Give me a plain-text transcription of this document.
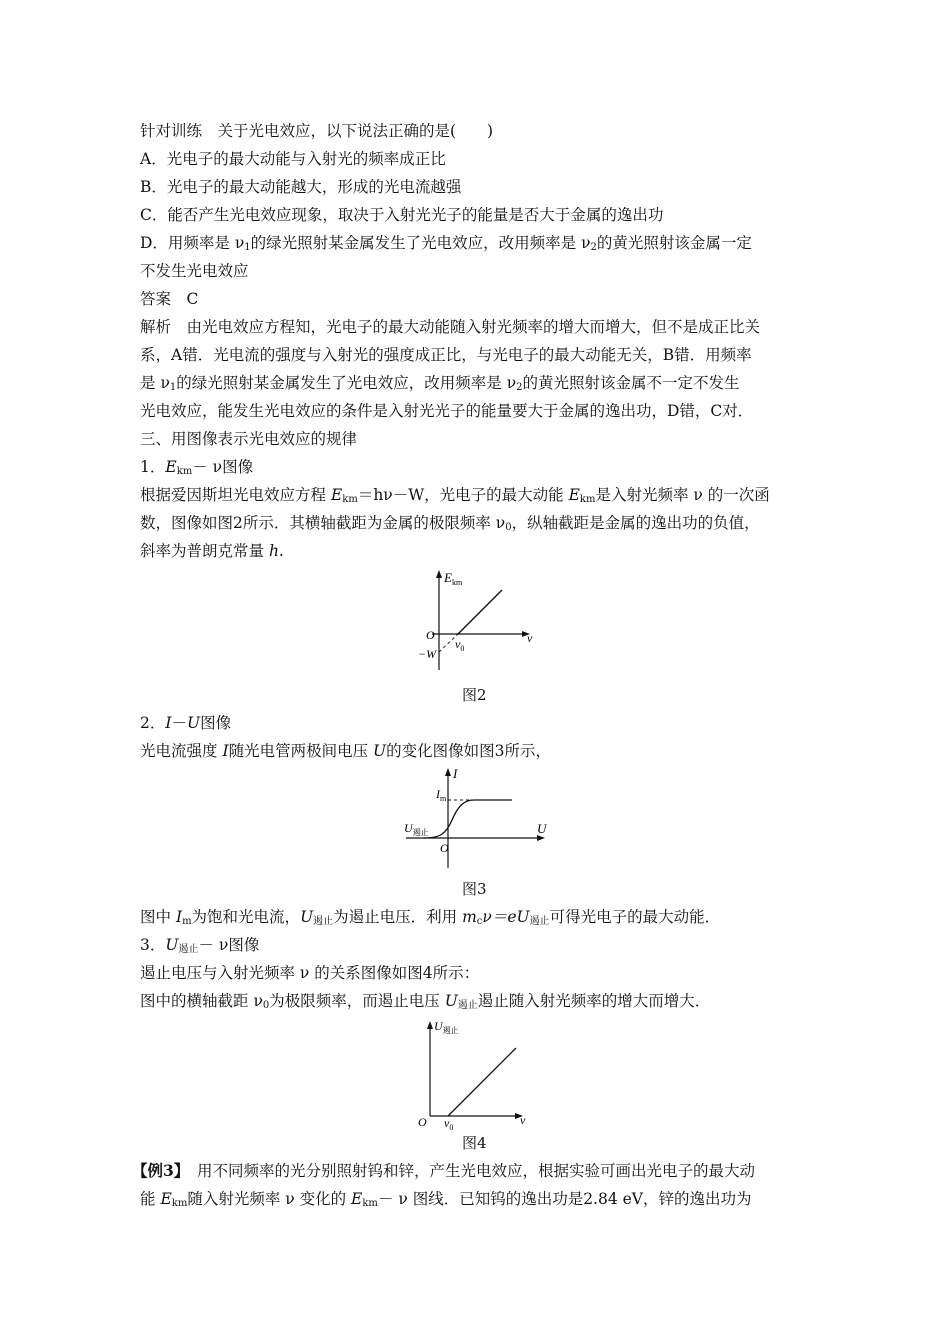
针对训练　关于光电效应，以下说法正确的是(　　)
A．光电子的最大动能与入射光的频率成正比
B．光电子的最大动能越大，形成的光电流越强
C．能否产生光电效应现象，取决于入射光光子的能量是否大于金属的逸出功
D．用频率是 $\nu_1$的绿光照射某金属发生了光电效应，改用频率是 $\nu_2$的黄光照射该金属一定
不发生光电效应
答案　C
解析　由光电效应方程知，光电子的最大动能随入射光频率的增大而增大，但不是成正比关
系，A错．光电流的强度与入射光的强度成正比，与光电子的最大动能无关，B错．用频率
是 $\nu_1$的绿光照射某金属发生了光电效应，改用频率是 $\nu_2$的黄光照射该金属不一定不发生
光电效应，能发生光电效应的条件是入射光光子的能量要大于金属的逸出功，D错，C对．
三、用图像表示光电效应的规律
1．$E_{km}- \nu$图像
根据爱因斯坦光电效应方程 $E_{km}=h\nu-W$，光电子的最大动能 $E_{km}$是入射光频率 ν 的一次函
数，图像如图2所示．其横轴截距为金属的极限频率 $\nu_0$，纵轴截距是金属的逸出功的负值，
斜率为普朗克常量 h.
$E_{km}$
O
−W
$\nu_0$
ν
图2
2．I－U图像
光电流强度 I随光电管两极间电压 U的变化图像如图3所示，
I
$I_m$
$U_{遏止}$	U
O
图3
图中 $I_m$为饱和光电流，$U_{遏止}$为遏止电压．利用 $m_c\nu=eU_{遏止}$可得光电子的最大动能．
3．$U_{遏止}- \nu$图像
遏止电压与入射光频率 ν 的关系图像如图4所示：
图中的横轴截距 $\nu_0$为极限频率，而遏止电压 $U_{遏止}$遏止随入射光频率的增大而增大．
$U_{遏止}$
O $\nu_0$
ν
图4
【例3】　用不同频率的光分别照射钨和锌，产生光电效应，根据实验可画出光电子的最大动
能 $E_{km}$随入射光频率 ν 变化的 $E_{km}- \nu$ 图线．已知钨的逸出功是2.84 eV，锌的逸出功为
